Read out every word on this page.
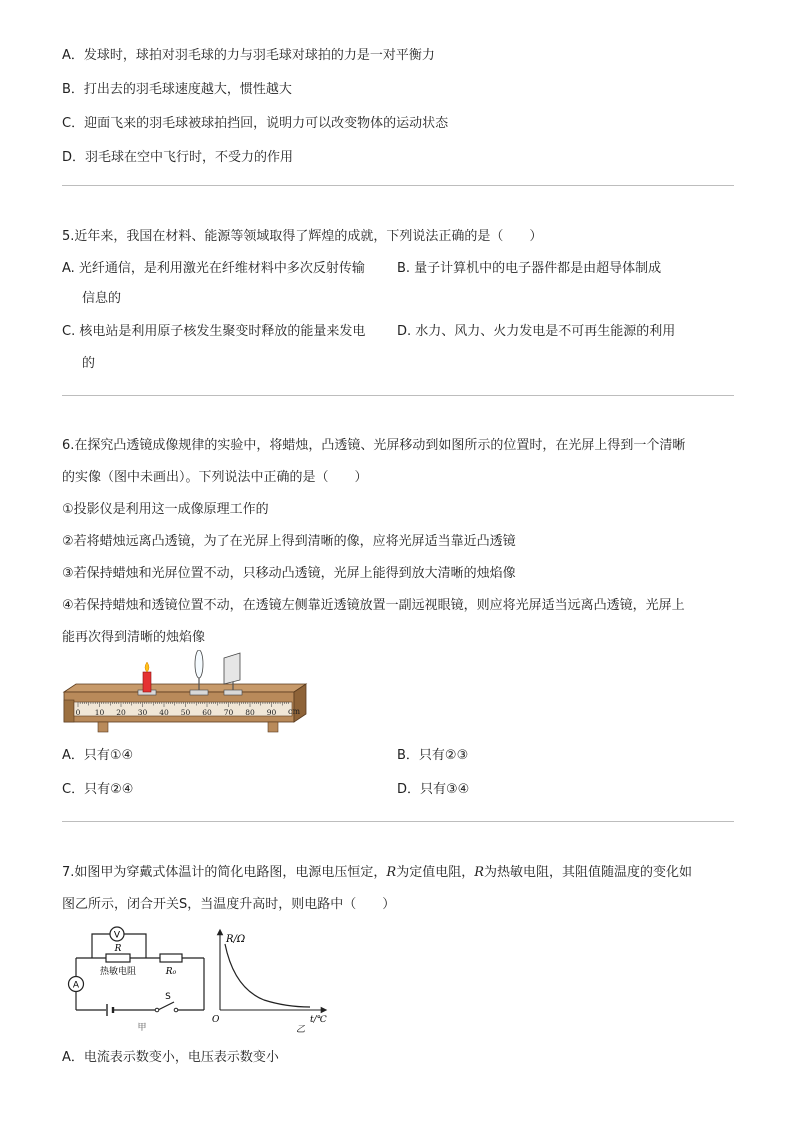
A．发球时，球拍对羽毛球的力与羽毛球对球拍的力是一对平衡力
B．打出去的羽毛球速度越大，惯性越大
C．迎面飞来的羽毛球被球拍挡回，说明力可以改变物体的运动状态
D．羽毛球在空中飞行时，不受力的作用
5.近年来，我国在材料、能源等领域取得了辉煌的成就，下列说法正确的是（　　）
A. 光纤通信，是利用激光在纤维材料中多次反射传输
信息的
B. 量子计算机中的电子器件都是由超导体制成
C. 核电站是利用原子核发生聚变时释放的能量来发电
的
D. 水力、风力、火力发电是不可再生能源的利用
6.在探究凸透镜成像规律的实验中，将蜡烛，凸透镜、光屏移动到如图所示的位置时，在光屏上得到一个清晰
的实像（图中未画出）。下列说法中正确的是（　　）
①投影仪是利用这一成像原理工作的
②若将蜡烛远离凸透镜，为了在光屏上得到清晰的像，应将光屏适当靠近凸透镜
③若保持蜡烛和光屏位置不动，只移动凸透镜，光屏上能得到放大清晰的烛焰像
④若保持蜡烛和透镜位置不动，在透镜左侧靠近透镜放置一副远视眼镜，则应将光屏适当远离凸透镜，光屏上
能再次得到清晰的烛焰像
0 10 20 30 40 50 60 70 80 90 cm
A．只有①④	B．只有②③
C．只有②④	D．只有③④
7.如图甲为穿戴式体温计的简化电路图，电源电压恒定，R为定值电阻，R为热敏电阻，其阻值随温度的变化如
图乙所示，闭合开关S，当温度升高时，则电路中（　　）
V
R
热敏电阻	R₀
A
S
甲
R/Ω
t/℃
O
乙
A．电流表示数变小，电压表示数变小
